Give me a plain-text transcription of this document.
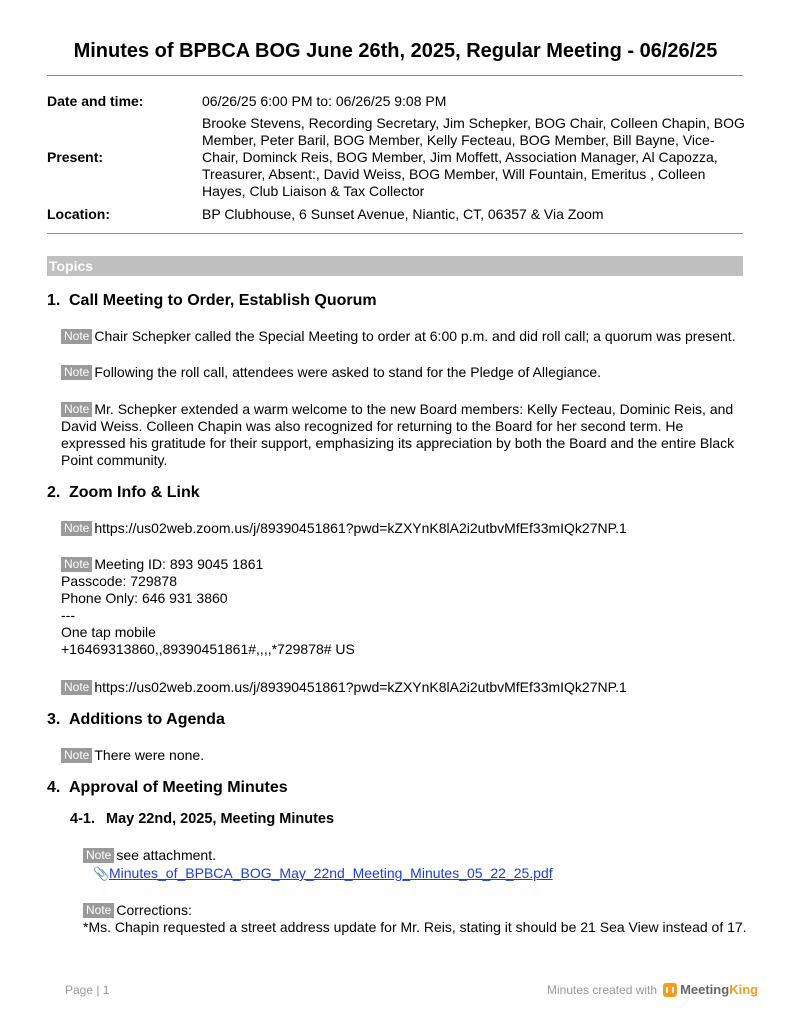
Minutes of BPBCA BOG June 26th, 2025, Regular Meeting - 06/26/25
Date and time:	06/26/25 6:00 PM to: 06/26/25 9:08 PM
Present:
Brooke Stevens, Recording Secretary, Jim Schepker, BOG Chair, Colleen Chapin, BOG Member, Peter Baril, BOG Member, Kelly Fecteau, BOG Member, Bill Bayne, Vice-Chair, Dominck Reis, BOG Member, Jim Moffett, Association Manager, Al Capozza, Treasurer, Absent:, David Weiss, BOG Member, Will Fountain, Emeritus , Colleen Hayes, Club Liaison & Tax Collector
Location:	BP Clubhouse, 6 Sunset Avenue, Niantic, CT, 06357 & Via Zoom
Topics
1. Call Meeting to Order, Establish Quorum
Note Chair Schepker called the Special Meeting to order at 6:00 p.m. and did roll call; a quorum was present.
Note Following the roll call, attendees were asked to stand for the Pledge of Allegiance.
Note Mr. Schepker extended a warm welcome to the new Board members: Kelly Fecteau, Dominic Reis, and David Weiss. Colleen Chapin was also recognized for returning to the Board for her second term. He expressed his gratitude for their support, emphasizing its appreciation by both the Board and the entire Black Point community.
2. Zoom Info & Link
Note https://us02web.zoom.us/j/89390451861?pwd=kZXYnK8lA2i2utbvMfEf33mIQk27NP.1
Note Meeting ID: 893 9045 1861
Passcode: 729878
Phone Only: 646 931 3860
---
One tap mobile
+16469313860,,89390451861#,,,,*729878# US
Note https://us02web.zoom.us/j/89390451861?pwd=kZXYnK8lA2i2utbvMfEf33mIQk27NP.1
3. Additions to Agenda
Note There were none.
4. Approval of Meeting Minutes
4-1. May 22nd, 2025, Meeting Minutes
Note see attachment.
📎Minutes_of_BPBCA_BOG_May_22nd_Meeting_Minutes_05_22_25.pdf
Note Corrections:
*Ms. Chapin requested a street address update for Mr. Reis, stating it should be 21 Sea View instead of 17.
Page | 1	Minutes created with MeetingKing
